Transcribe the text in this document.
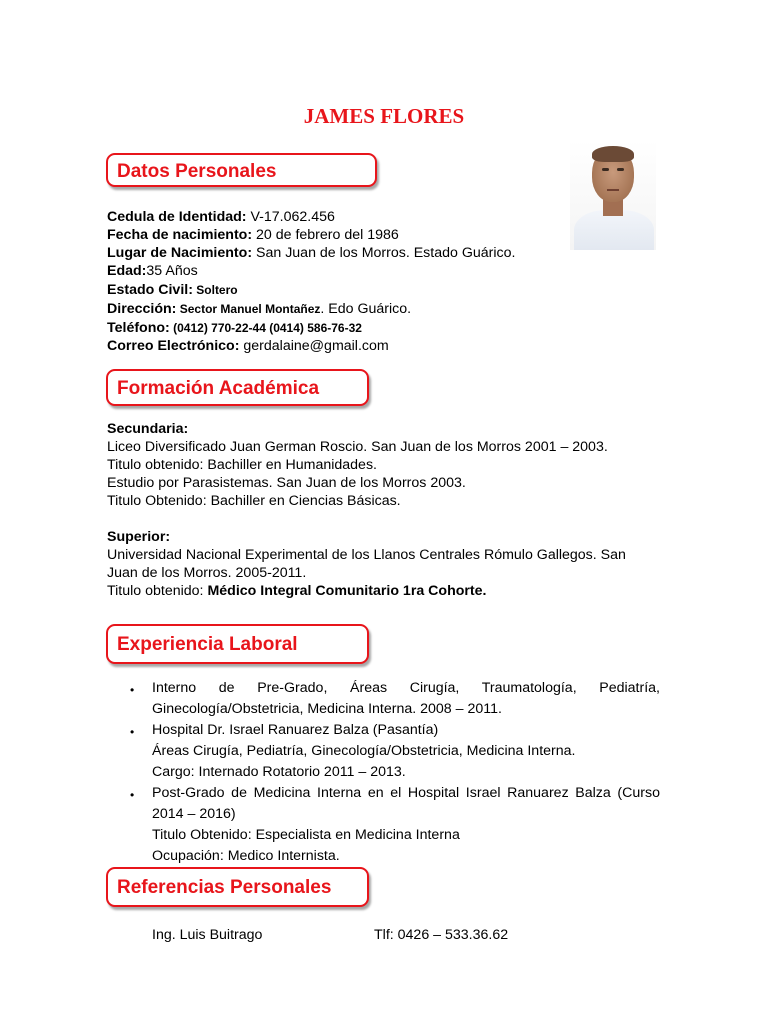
JAMES FLORES
Datos Personales
Cedula de Identidad: V-17.062.456
Fecha de nacimiento: 20 de febrero del 1986
Lugar de Nacimiento: San Juan de los Morros. Estado Guárico.
Edad:35 Años
Estado Civil: Soltero
Dirección: Sector Manuel Montañez. Edo Guárico.
Teléfono: (0412) 770-22-44 (0414) 586-76-32
Correo Electrónico: gerdalaine@gmail.com
Formación Académica
Secundaria:
Liceo Diversificado Juan German Roscio. San Juan de los Morros 2001 – 2003.
Titulo obtenido: Bachiller en Humanidades.
Estudio por Parasistemas. San Juan de los Morros 2003.
Titulo Obtenido: Bachiller en Ciencias Básicas.
Superior:
Universidad Nacional Experimental de los Llanos Centrales Rómulo Gallegos. San
Juan de los Morros. 2005-2011.
Titulo obtenido: Médico Integral Comunitario 1ra Cohorte.
Experiencia Laboral
• Interno de Pre-Grado, Áreas Cirugía, Traumatología, Pediatría, Ginecología/Obstetricia, Medicina Interna. 2008 – 2011.
• Hospital Dr. Israel Ranuarez Balza (Pasantía)
Áreas Cirugía, Pediatría, Ginecología/Obstetricia, Medicina Interna.
Cargo: Internado Rotatorio 2011 – 2013.
• Post-Grado de Medicina Interna en el Hospital Israel Ranuarez Balza (Curso 2014 – 2016)
Titulo Obtenido: Especialista en Medicina Interna
Ocupación: Medico Internista.
Referencias Personales
Ing. Luis Buitrago	Tlf: 0426 – 533.36.62
